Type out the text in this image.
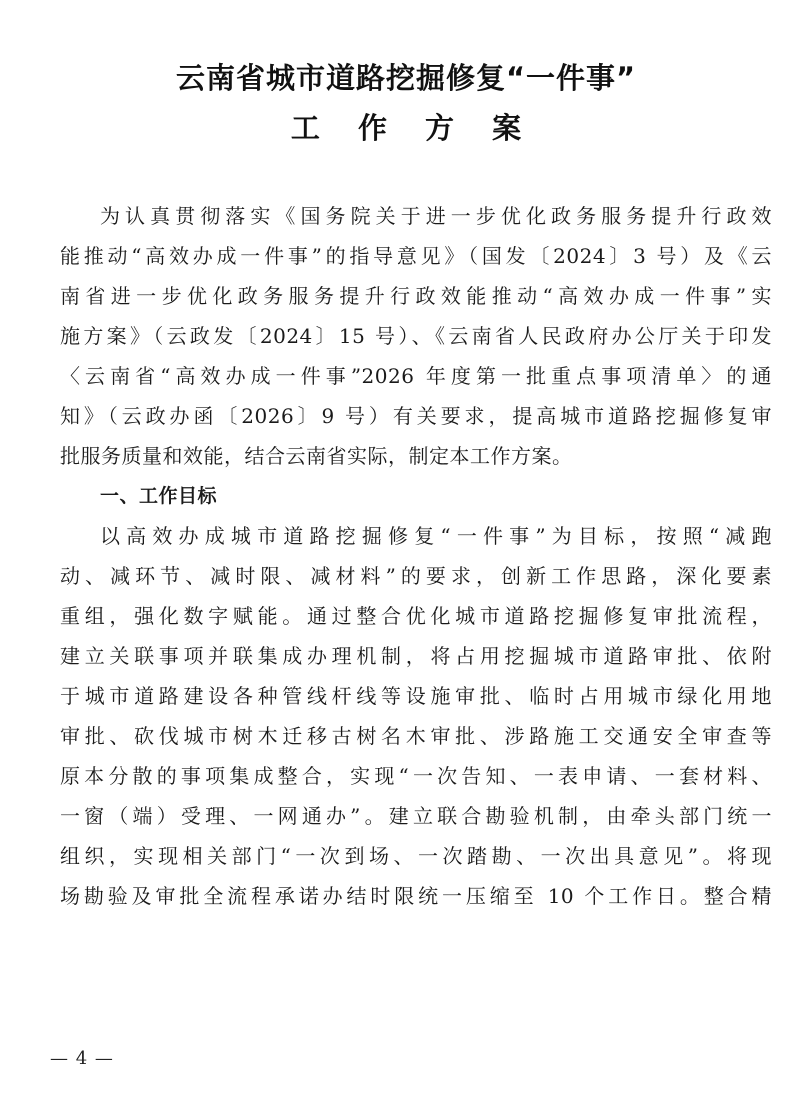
云南省城市道路挖掘修复“一件事”
工 作 方 案
为认真贯彻落实《国务院关于进一步优化政务服务提升行政效
能推动“高效办成一件事”的指导意见》（国发〔2024〕3 号）及《云
南省进一步优化政务服务提升行政效能推动“高效办成一件事”实
施方案》（云政发〔2024〕15 号）、《云南省人民政府办公厅关于印发
〈云南省“高效办成一件事”2026 年度第一批重点事项清单〉的通
知》（云政办函〔2026〕9 号）有关要求，提高城市道路挖掘修复审
批服务质量和效能，结合云南省实际，制定本工作方案。
一、工作目标
以高效办成城市道路挖掘修复“一件事”为目标，按照“减跑
动、减环节、减时限、减材料”的要求，创新工作思路，深化要素
重组，强化数字赋能。通过整合优化城市道路挖掘修复审批流程，
建立关联事项并联集成办理机制，将占用挖掘城市道路审批、依附
于城市道路建设各种管线杆线等设施审批、临时占用城市绿化用地
审批、砍伐城市树木迁移古树名木审批、涉路施工交通安全审查等
原本分散的事项集成整合，实现“一次告知、一表申请、一套材料、
一窗（端）受理、一网通办”。建立联合勘验机制，由牵头部门统一
组织，实现相关部门“一次到场、一次踏勘、一次出具意见”。将现
场勘验及审批全流程承诺办结时限统一压缩至 10 个工作日。整合精
— 4 —
